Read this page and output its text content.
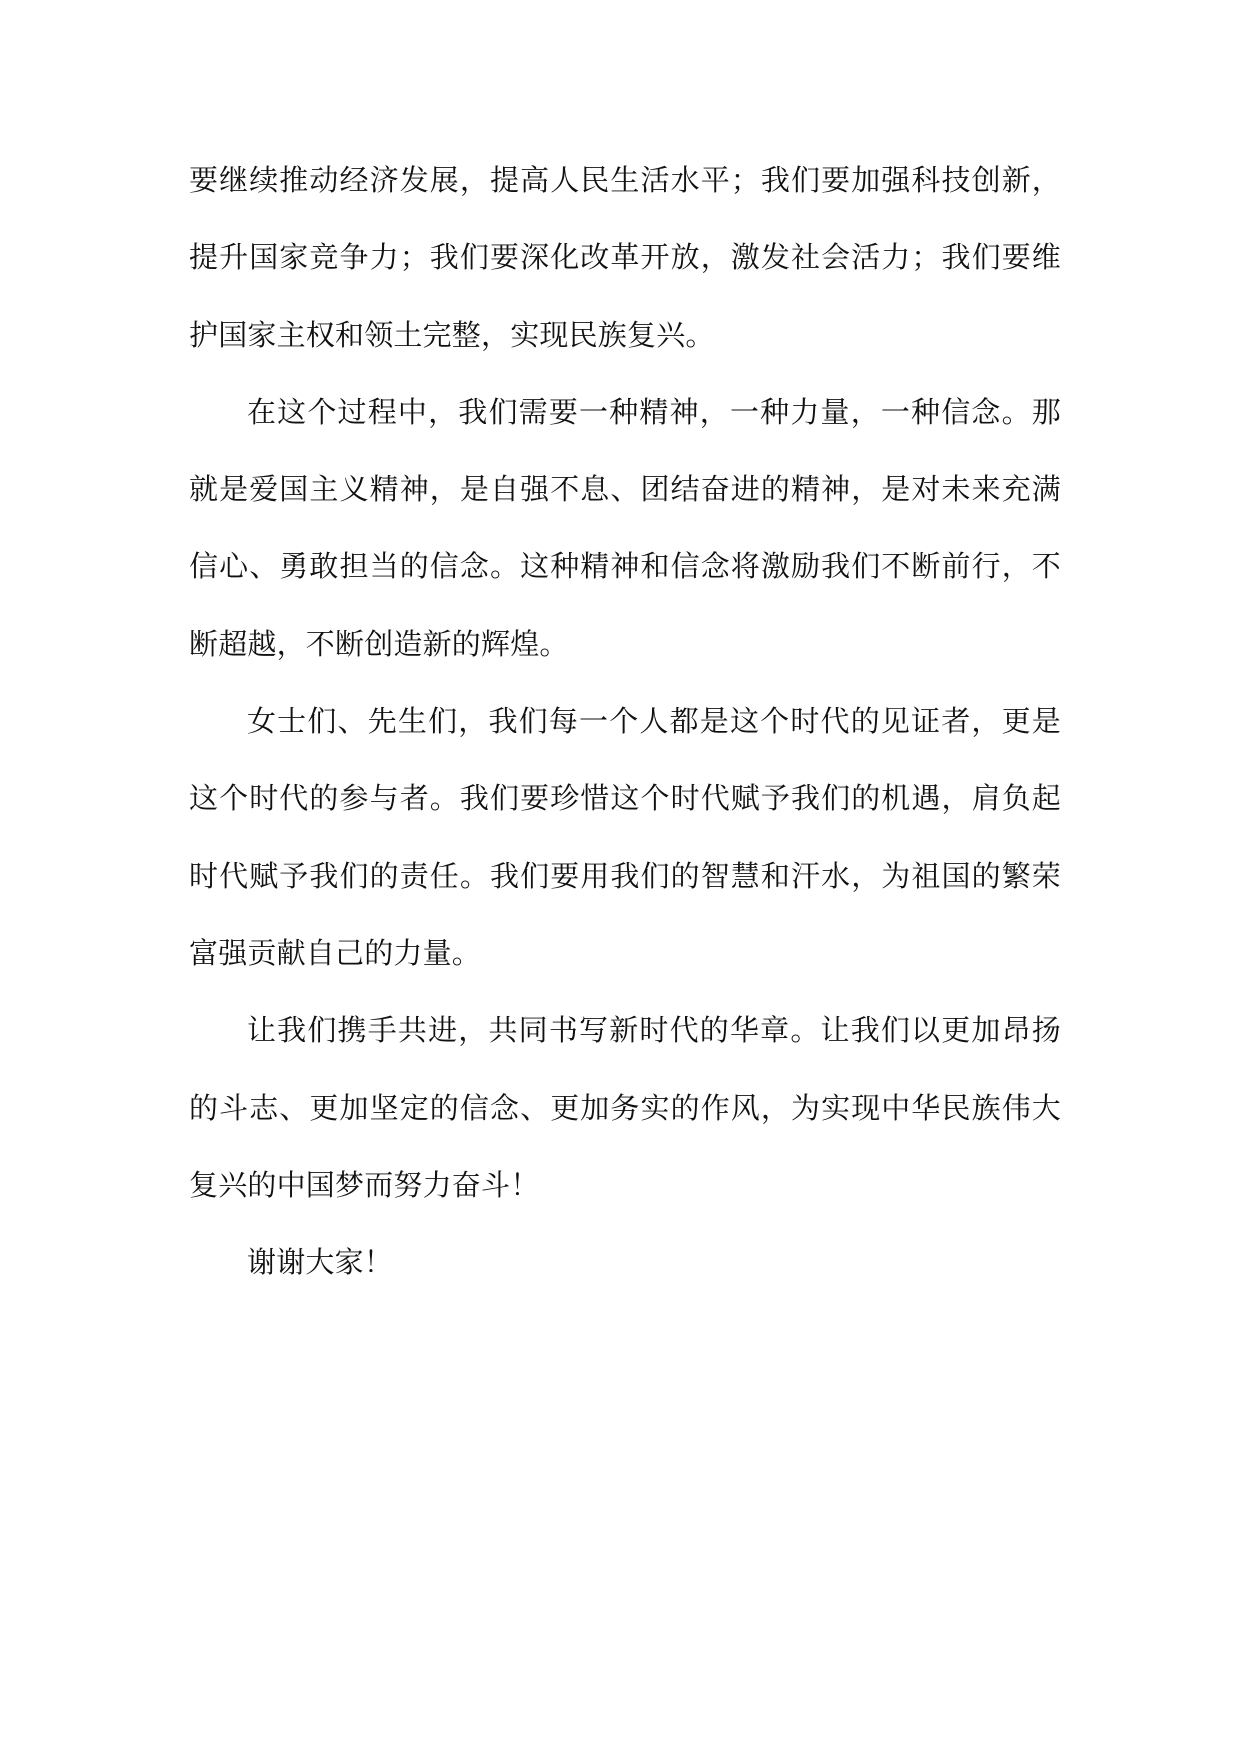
要继续推动经济发展，提高人民生活水平；我们要加强科技创新，提升国家竞争力；我们要深化改革开放，激发社会活力；我们要维护国家主权和领土完整，实现民族复兴。

在这个过程中，我们需要一种精神，一种力量，一种信念。那就是爱国主义精神，是自强不息、团结奋进的精神，是对未来充满信心、勇敢担当的信念。这种精神和信念将激励我们不断前行，不断超越，不断创造新的辉煌。

女士们、先生们，我们每一个人都是这个时代的见证者，更是这个时代的参与者。我们要珍惜这个时代赋予我们的机遇，肩负起时代赋予我们的责任。我们要用我们的智慧和汗水，为祖国的繁荣富强贡献自己的力量。

让我们携手共进，共同书写新时代的华章。让我们以更加昂扬的斗志、更加坚定的信念、更加务实的作风，为实现中华民族伟大复兴的中国梦而努力奋斗！

谢谢大家！
